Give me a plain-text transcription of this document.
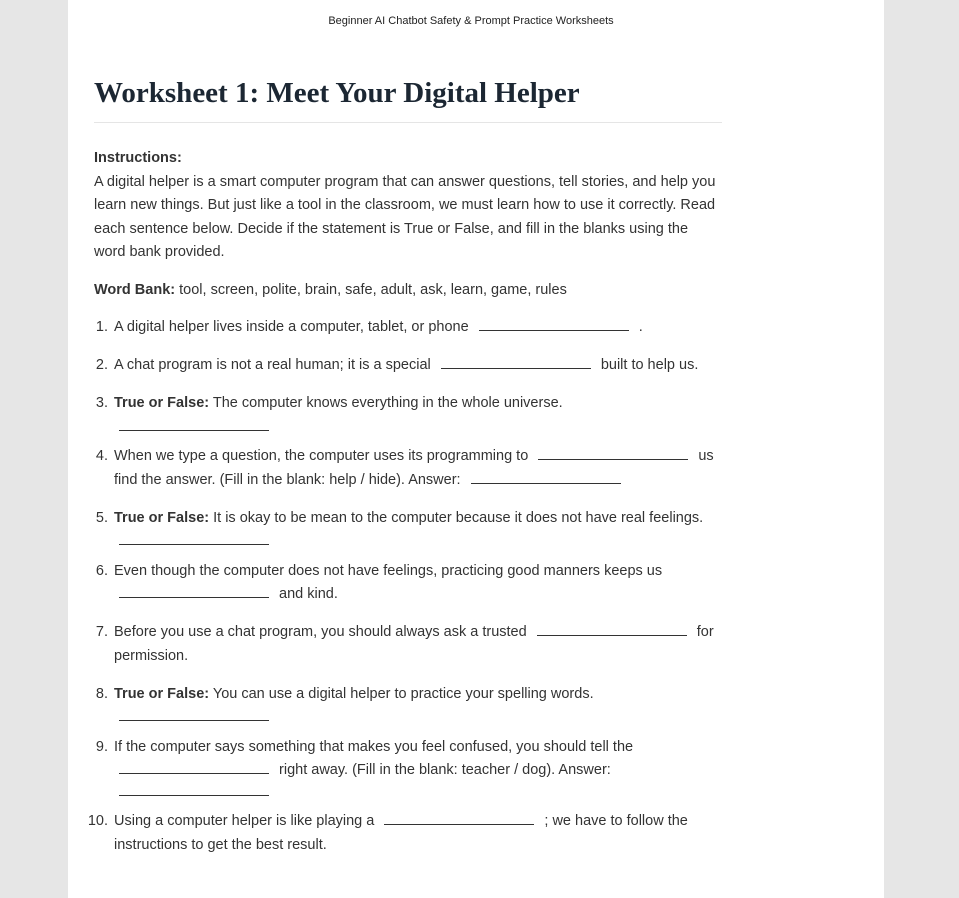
Beginner AI Chatbot Safety & Prompt Practice Worksheets
Worksheet 1: Meet Your Digital Helper
Instructions:
A digital helper is a smart computer program that can answer questions, tell stories, and help you learn new things. But just like a tool in the classroom, we must learn how to use it correctly. Read each sentence below. Decide if the statement is True or False, and fill in the blanks using the word bank provided.
Word Bank: tool, screen, polite, brain, safe, adult, ask, learn, game, rules
1. A digital helper lives inside a computer, tablet, or phone	.
2. A chat program is not a real human; it is a special	built to help us.
3. True or False: The computer knows everything in the whole universe.
4. When we type a question, the computer uses its programming to	us
find the answer. (Fill in the blank: help / hide). Answer:
5. True or False: It is okay to be mean to the computer because it does not have real feelings.
6. Even though the computer does not have feelings, practicing good manners keeps us
and kind.
7. Before you use a chat program, you should always ask a trusted	for
permission.
8. True or False: You can use a digital helper to practice your spelling words.
9. If the computer says something that makes you feel confused, you should tell the
right away. (Fill in the blank: teacher / dog). Answer:
10. Using a computer helper is like playing a	; we have to follow the
instructions to get the best result.
